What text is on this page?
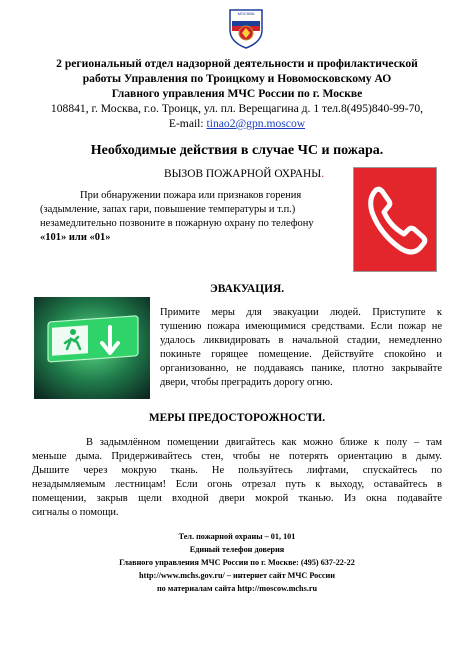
МОСКВА
2 региональный отдел надзорной деятельности и профилактической
работы Управления по Троицкому и Новомосковскому АО
Главного управления МЧС России по г. Москве
108841, г. Москва, г.о. Троицк, ул. пл. Верещагина д. 1 тел.8(495)840-99-70,
E-mail: tinao2@gpn.moscow
Необходимые действия в случае ЧС и пожара.
ВЫЗОВ ПОЖАРНОЙ ОХРАНЫ.
При обнаружении пожара или признаков горения
(задымление, запах гари, повышение температуры и т.п.)
незамедлительно позвоните в пожарную охрану по телефону
«101» или «01»
ЭВАКУАЦИЯ.
Примите меры для эвакуации людей. Приступите к
тушению пожара имеющимися средствами. Если пожар не
удалось ликвидировать в начальной стадии, немедленно
покиньте горящее помещение. Действуйте спокойно и
организованно, не поддаваясь панике, плотно закрывайте
двери, чтобы преградить дорогу огню.
МЕРЫ ПРЕДОСТОРОЖНОСТИ.
В задымлённом помещении двигайтесь как можно ближе к полу – там
меньше дыма. Придерживайтесь стен, чтобы не потерять ориентацию в дыму.
Дышите через мокрую ткань. Не пользуйтесь лифтами, спускайтесь по
незадымляемым лестницам! Если огонь отрезал путь к выходу, оставайтесь в
помещении, закрыв щели входной двери мокрой тканью. Из окна подавайте
сигналы о помощи.
Тел. пожарной охраны – 01, 101
Единый телефон доверия
Главного управления МЧС России по г. Москве: (495) 637-22-22
http://www.mchs.gov.ru/ – интернет сайт МЧС России
по материалам сайта http://moscow.mchs.ru
